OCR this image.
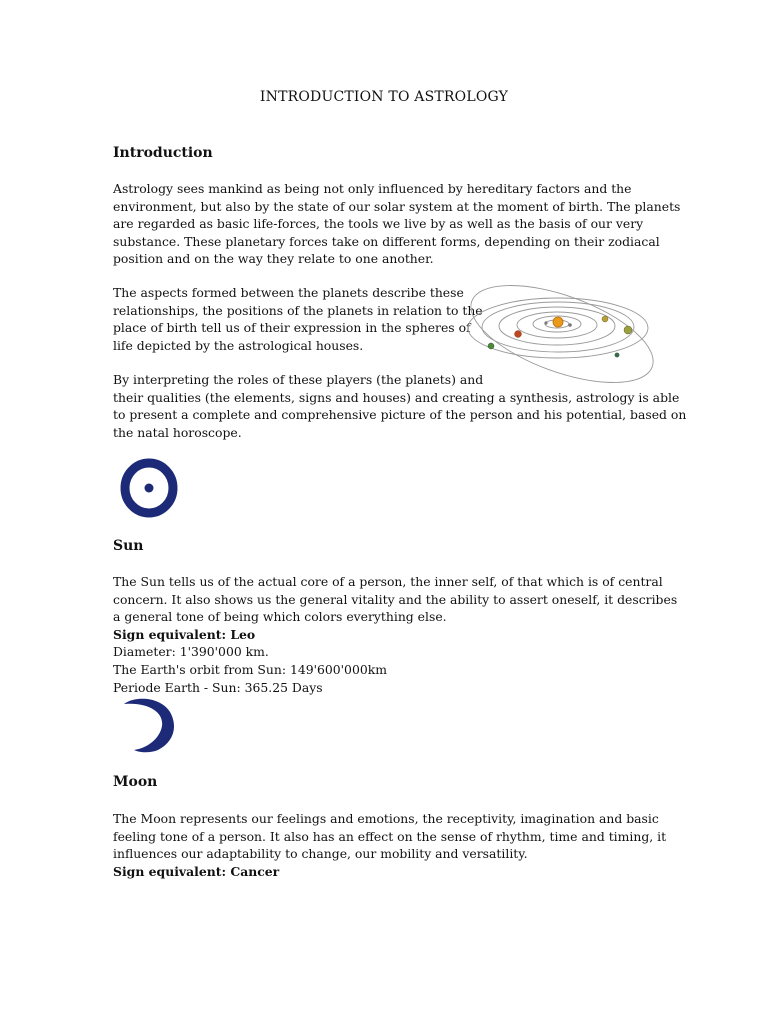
INTRODUCTION TO ASTROLOGY
Introduction

Astrology sees mankind as being not only influenced by hereditary factors and the
environment, but also by the state of our solar system at the moment of birth. The planets
are regarded as basic life-forces, the tools we live by as well as the basis of our very
substance. These planetary forces take on different forms, depending on their zodiacal
position and on the way they relate to one another.

The aspects formed between the planets describe these
relationships, the positions of the planets in relation to the
place of birth tell us of their expression in the spheres of
life depicted by the astrological houses.

By interpreting the roles of these players (the planets) and
their qualities (the elements, signs and houses) and creating a synthesis, astrology is able
to present a complete and comprehensive picture of the person and his potential, based on
the natal horoscope.

Sun

The Sun tells us of the actual core of a person, the inner self, of that which is of central
concern. It also shows us the general vitality and the ability to assert oneself, it describes
a general tone of being which colors everything else.
Sign equivalent: Leo
Diameter: 1'390'000 km.
The Earth's orbit from Sun: 149'600'000km
Periode Earth - Sun: 365.25 Days

Moon

The Moon represents our feelings and emotions, the receptivity, imagination and basic
feeling tone of a person. It also has an effect on the sense of rhythm, time and timing, it
influences our adaptability to change, our mobility and versatility.
Sign equivalent: Cancer
